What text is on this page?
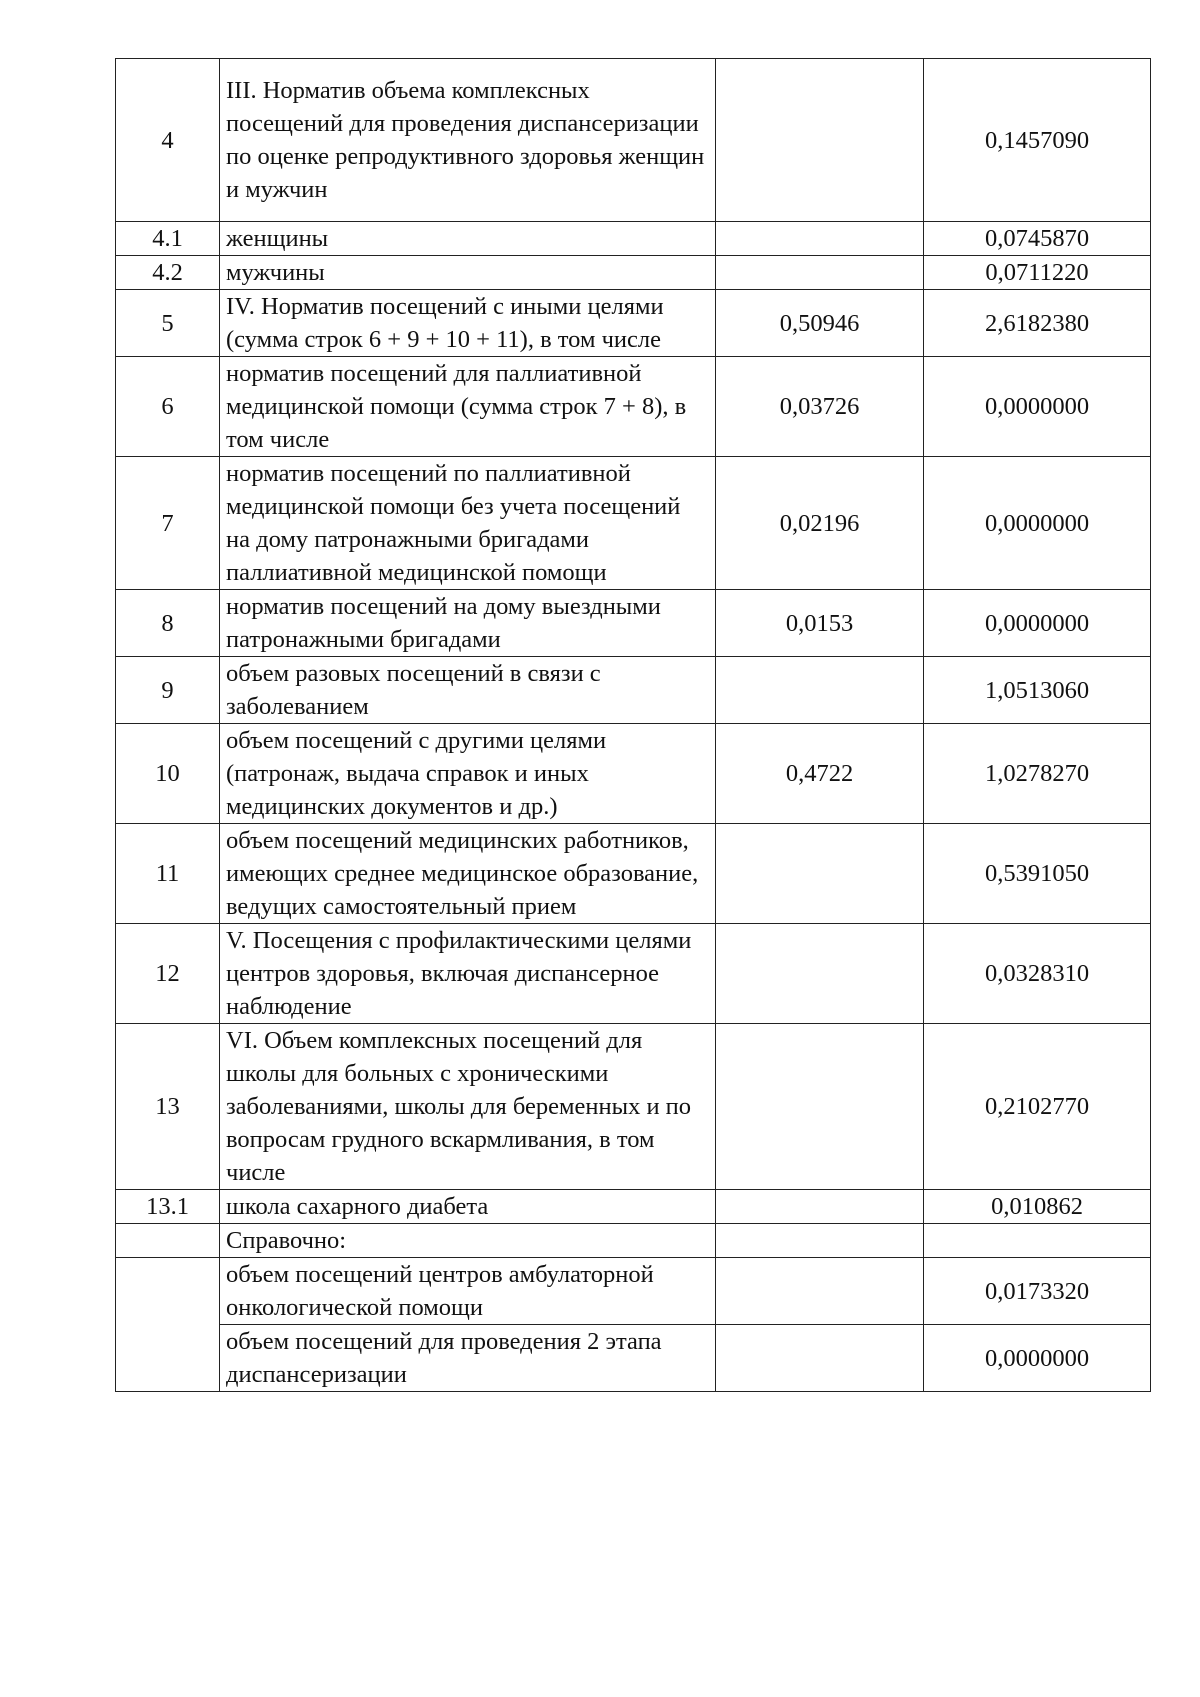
4	III. Норматив объема комплексных посещений для проведения диспансеризации по оценке репродуктивного здоровья женщин и мужчин		0,1457090
4.1	женщины		0,0745870
4.2	мужчины		0,0711220
5	IV. Норматив посещений с иными целями (сумма строк 6 + 9 + 10 + 11), в том числе	0,50946	2,6182380
6	норматив посещений для паллиативной медицинской помощи (сумма строк 7 + 8), в том числе	0,03726	0,0000000
7	норматив посещений по паллиативной медицинской помощи без учета посещений на дому патронажными бригадами паллиативной медицинской помощи	0,02196	0,0000000
8	норматив посещений на дому выездными патронажными бригадами	0,0153	0,0000000
9	объем разовых посещений в связи с заболеванием		1,0513060
10	объем посещений с другими целями (патронаж, выдача справок и иных медицинских документов и др.)	0,4722	1,0278270
11	объем посещений медицинских работников, имеющих среднее медицинское образование, ведущих самостоятельный прием		0,5391050
12	V. Посещения с профилактическими целями центров здоровья, включая диспансерное наблюдение		0,0328310
13	VI. Объем комплексных посещений для школы для больных с хроническими заболеваниями, школы для беременных и по вопросам грудного вскармливания, в том числе		0,2102770
13.1	школа сахарного диабета		0,010862
	Справочно:		
	объем посещений центров амбулаторной онкологической помощи		0,0173320
	объем посещений для проведения 2 этапа диспансеризации		0,0000000
